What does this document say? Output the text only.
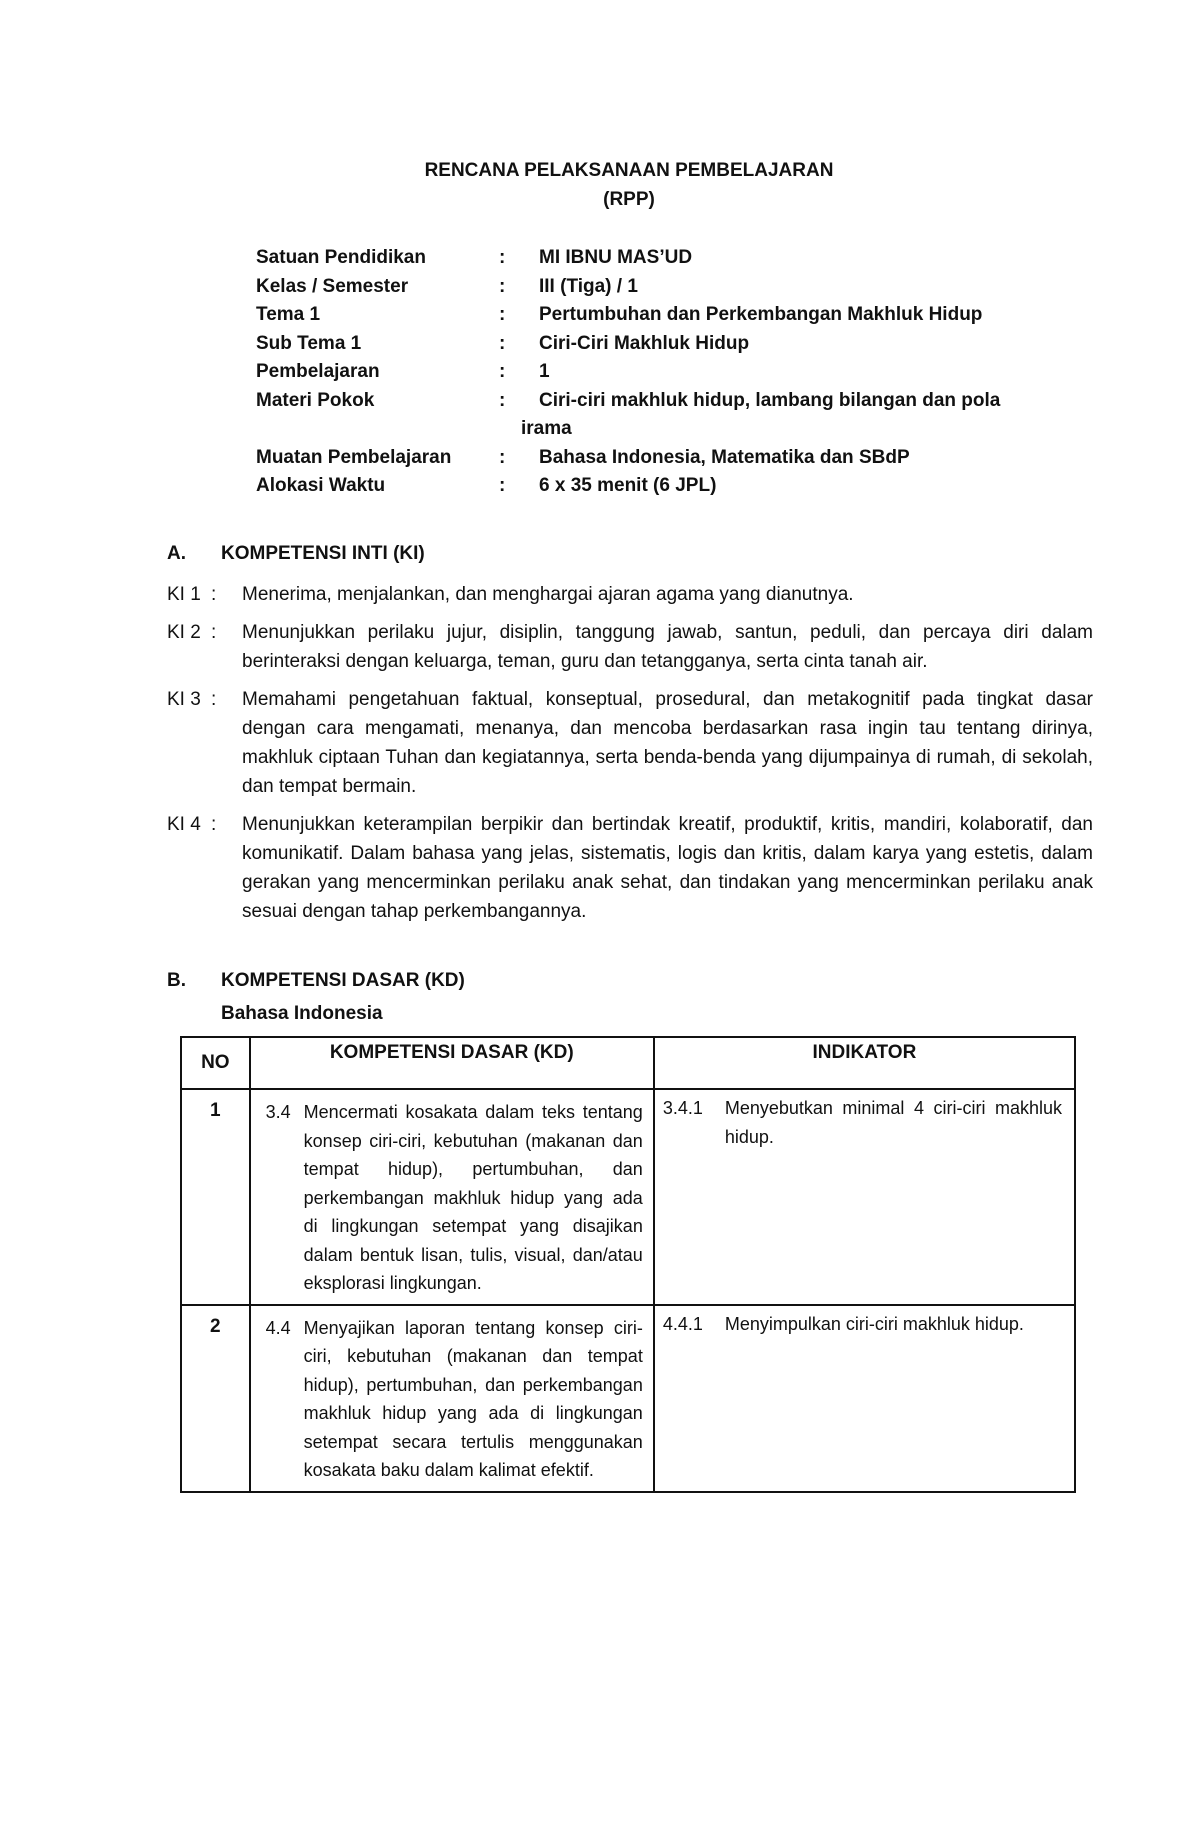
RENCANA PELAKSANAAN PEMBELAJARAN
(RPP)
Satuan Pendidikan	:	MI IBNU MAS’UD
Kelas / Semester	:	III (Tiga) / 1
Tema 1	:	Pertumbuhan dan Perkembangan Makhluk Hidup
Sub Tema 1	:	Ciri-Ciri Makhluk Hidup
Pembelajaran	:	1
Materi Pokok	:	Ciri-ciri makhluk hidup, lambang bilangan dan pola
irama
Muatan Pembelajaran	:	Bahasa Indonesia, Matematika dan SBdP
Alokasi Waktu	:	6 x 35 menit (6 JPL)
A.	KOMPETENSI INTI (KI)
KI 1 :	Menerima, menjalankan, dan menghargai ajaran agama yang dianutnya.
KI 2 :	Menunjukkan perilaku jujur, disiplin, tanggung jawab, santun, peduli, dan percaya diri dalam berinteraksi dengan keluarga, teman, guru dan tetangganya, serta cinta tanah air.
KI 3 :	Memahami pengetahuan faktual, konseptual, prosedural, dan metakognitif pada tingkat dasar dengan cara mengamati, menanya, dan mencoba berdasarkan rasa ingin tau tentang dirinya, makhluk ciptaan Tuhan dan kegiatannya, serta benda-benda yang dijumpainya di rumah, di sekolah, dan tempat bermain.
KI 4 :	Menunjukkan keterampilan berpikir dan bertindak kreatif, produktif, kritis, mandiri, kolaboratif, dan komunikatif. Dalam bahasa yang jelas, sistematis, logis dan kritis, dalam karya yang estetis, dalam gerakan yang mencerminkan perilaku anak sehat, dan tindakan yang mencerminkan perilaku anak sesuai dengan tahap perkembangannya.
B.	KOMPETENSI DASAR (KD)
Bahasa Indonesia
NO	KOMPETENSI DASAR (KD)	INDIKATOR
1	3.4 Mencermati kosakata dalam teks tentang konsep ciri-ciri, kebutuhan (makanan dan tempat hidup), pertumbuhan, dan perkembangan makhluk hidup yang ada di lingkungan setempat yang disajikan dalam bentuk lisan, tulis, visual, dan/atau eksplorasi lingkungan.	3.4.1 Menyebutkan minimal 4 ciri-ciri makhluk hidup.

2	4.4 Menyajikan laporan tentang konsep ciri-ciri, kebutuhan (makanan dan tempat hidup), pertumbuhan, dan perkembangan makhluk hidup yang ada di lingkungan setempat secara tertulis menggunakan kosakata baku dalam kalimat efektif.	4.4.1 Menyimpulkan ciri-ciri makhluk hidup.
